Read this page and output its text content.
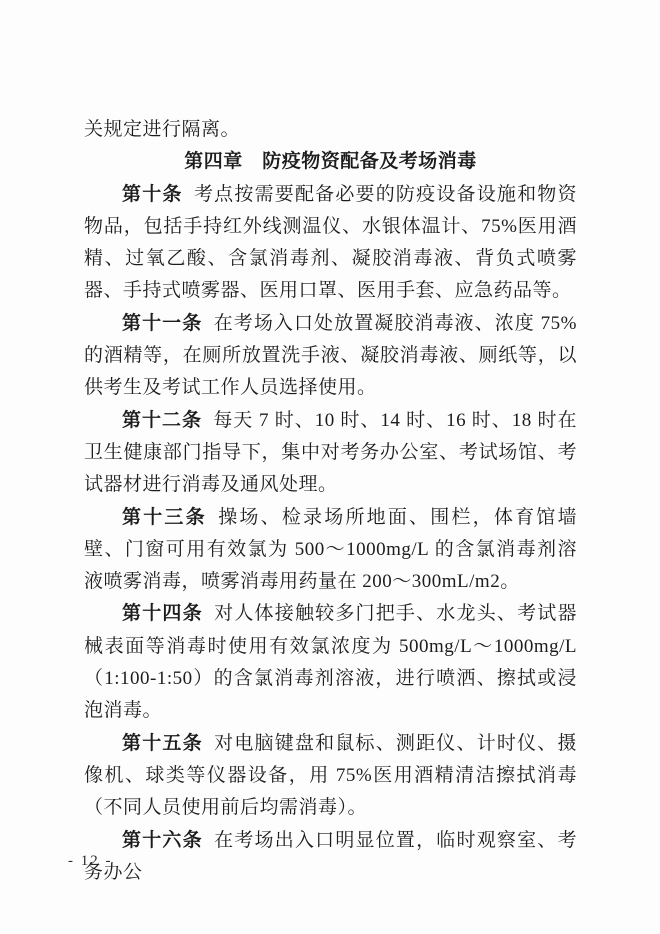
关规定进行隔离。

第四章　防疫物资配备及考场消毒

第十条 考点按需要配备必要的防疫设备设施和物资物品，包括手持红外线测温仪、水银体温计、75%医用酒精、过氧乙酸、含氯消毒剂、凝胶消毒液、背负式喷雾器、手持式喷雾器、医用口罩、医用手套、应急药品等。

第十一条 在考场入口处放置凝胶消毒液、浓度 75%的酒精等，在厕所放置洗手液、凝胶消毒液、厕纸等，以供考生及考试工作人员选择使用。

第十二条 每天 7 时、10 时、14 时、16 时、18 时在卫生健康部门指导下，集中对考务办公室、考试场馆、考试器材进行消毒及通风处理。

第十三条 操场、检录场所地面、围栏，体育馆墙壁、门窗可用有效氯为 500～1000mg/L 的含氯消毒剂溶液喷雾消毒，喷雾消毒用药量在 200～300mL/m2。

第十四条 对人体接触较多门把手、水龙头、考试器械表面等消毒时使用有效氯浓度为 500mg/L～1000mg/L（1:100-1:50）的含氯消毒剂溶液，进行喷洒、擦拭或浸泡消毒。

第十五条 对电脑键盘和鼠标、测距仪、计时仪、摄像机、球类等仪器设备，用 75%医用酒精清洁擦拭消毒（不同人员使用前后均需消毒）。

第十六条 在考场出入口明显位置，临时观察室、考务办公

- 12 -
